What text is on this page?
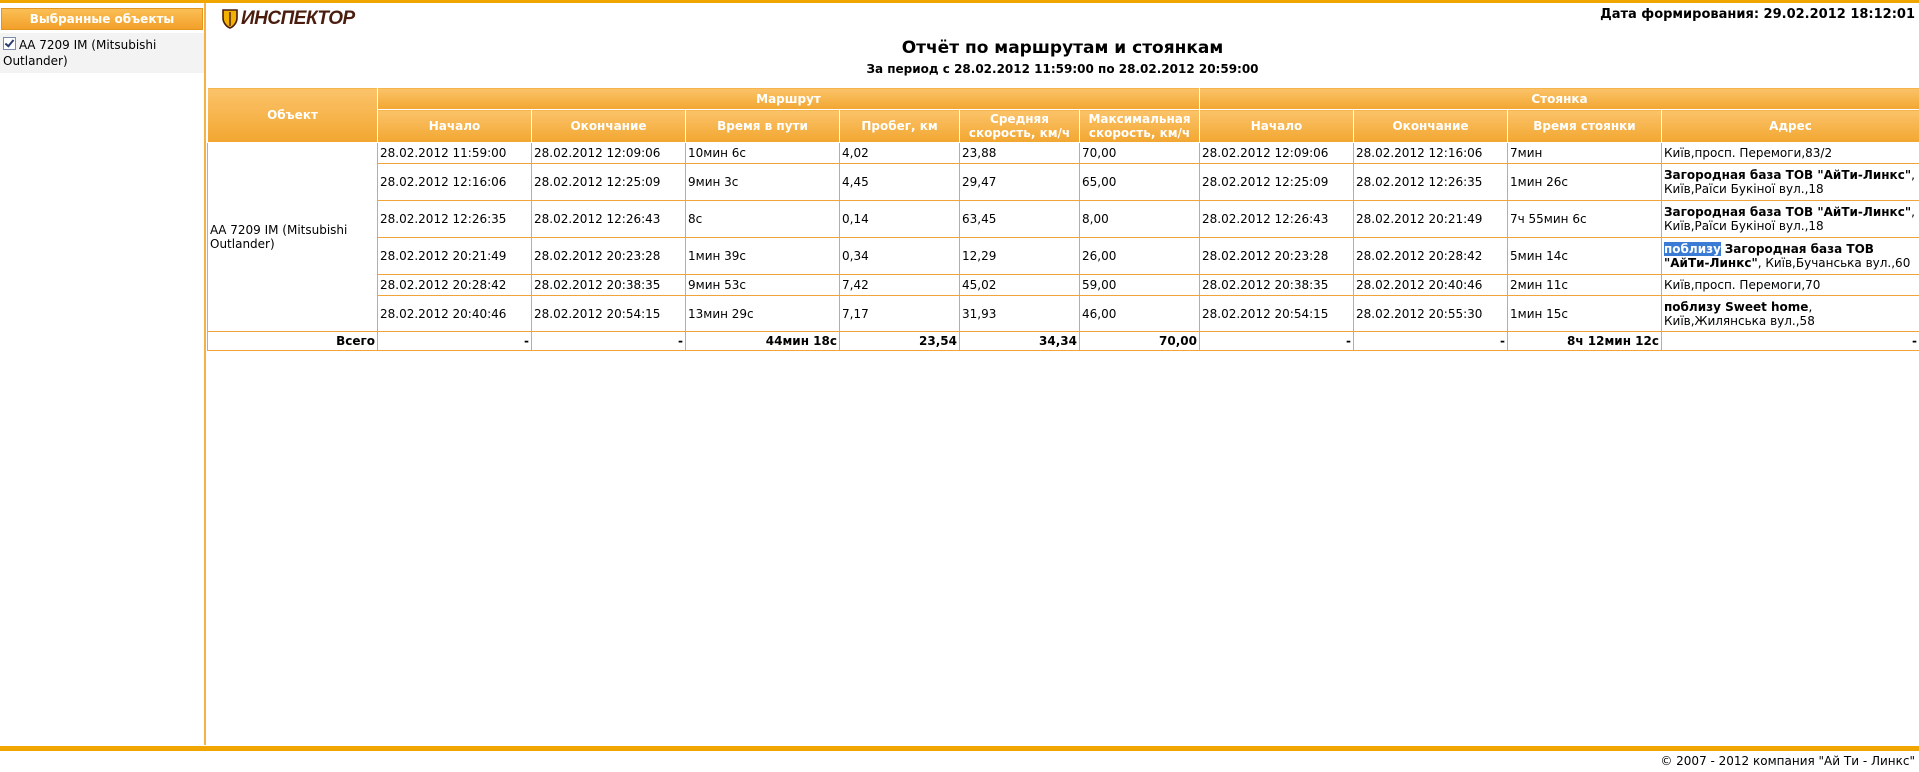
Выбранные объекты
АА 7209 IM (Mitsubishi Outlander)
ИНСПЕКТОР	Дата формирования: 29.02.2012 18:12:01
Отчёт по маршрутам и стоянкам
За период с 28.02.2012 11:59:00 по 28.02.2012 20:59:00
Объект	Маршрут						Стоянка			
	Начало	Окончание	Время в пути	Пробег, км	Средняя скорость, км/ч	Максимальная скорость, км/ч	Начало	Окончание	Время стоянки	Адрес
АА 7209 IM (Mitsubishi Outlander)	28.02.2012 11:59:00	28.02.2012 12:09:06	10мин 6с	4,02	23,88	70,00	28.02.2012 12:09:06	28.02.2012 12:16:06	7мин	Київ,просп. Перемоги,83/2
	28.02.2012 12:16:06	28.02.2012 12:25:09	9мин 3с	4,45	29,47	65,00	28.02.2012 12:25:09	28.02.2012 12:26:35	1мин 26с	Загородная база ТОВ "АйТи-Линкс", Київ,Раїси Букіної вул.,18
	28.02.2012 12:26:35	28.02.2012 12:26:43	8с	0,14	63,45	8,00	28.02.2012 12:26:43	28.02.2012 20:21:49	7ч 55мин 6с	Загородная база ТОВ "АйТи-Линкс", Київ,Раїси Букіної вул.,18
	28.02.2012 20:21:49	28.02.2012 20:23:28	1мин 39с	0,34	12,29	26,00	28.02.2012 20:23:28	28.02.2012 20:28:42	5мин 14с	поблизу Загородная база ТОВ "АйТи-Линкс", Київ,Бучанська вул.,60
	28.02.2012 20:28:42	28.02.2012 20:38:35	9мин 53с	7,42	45,02	59,00	28.02.2012 20:38:35	28.02.2012 20:40:46	2мин 11с	Київ,просп. Перемоги,70
	28.02.2012 20:40:46	28.02.2012 20:54:15	13мин 29с	7,17	31,93	46,00	28.02.2012 20:54:15	28.02.2012 20:55:30	1мин 15с	поблизу Sweet home, Київ,Жилянська вул.,58
Всего	-	-	44мин 18с	23,54	34,34	70,00	-	-	8ч 12мин 12с	-
© 2007 - 2012 компания "Ай Ти - Линкс"
